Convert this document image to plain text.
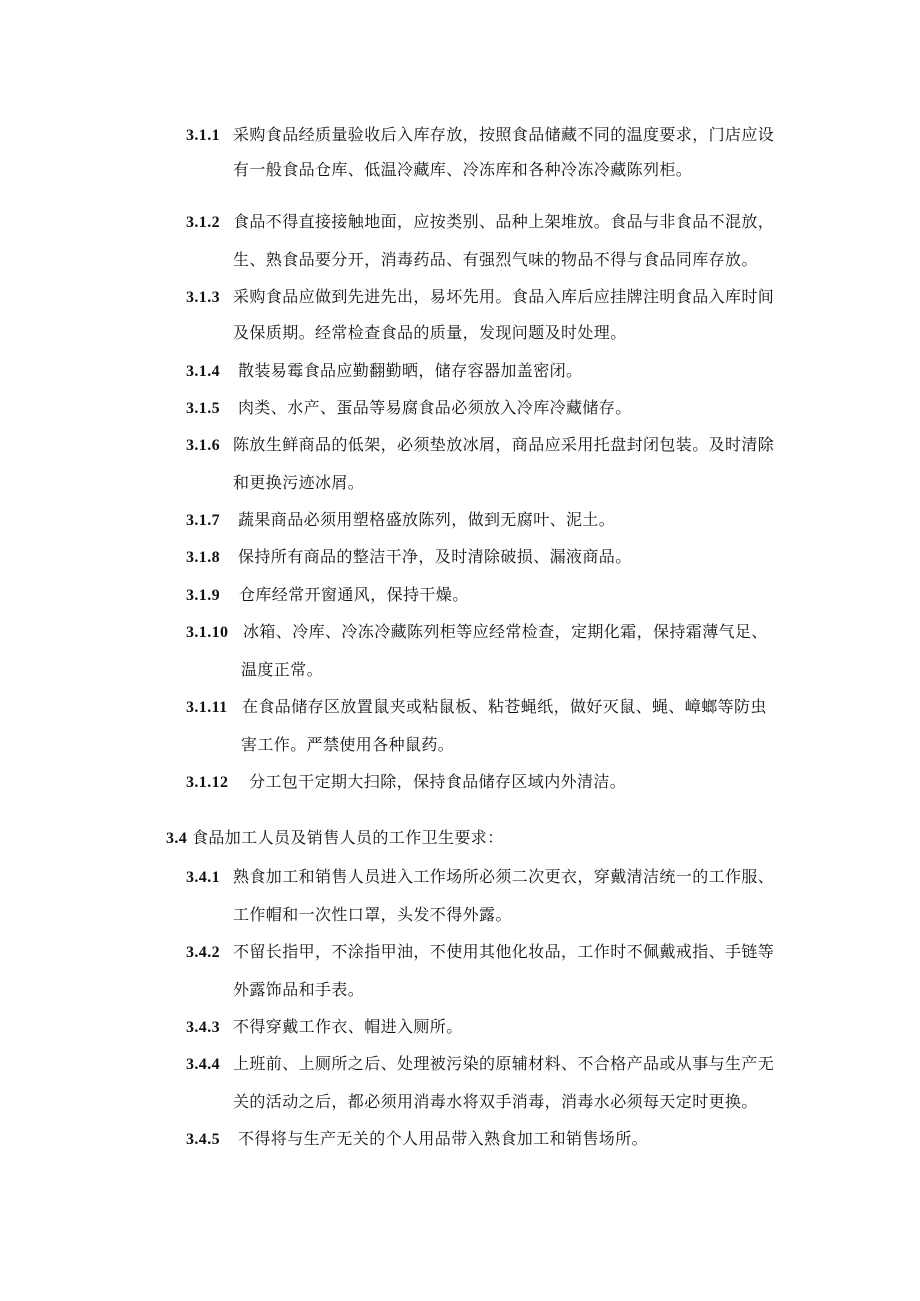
3.1.1 采购食品经质量验收后入库存放，按照食品储藏不同的温度要求，门店应设
有一般食品仓库、低温冷藏库、冷冻库和各种冷冻冷藏陈列柜。
3.1.2 食品不得直接接触地面，应按类别、品种上架堆放。食品与非食品不混放，
生、熟食品要分开，消毒药品、有强烈气味的物品不得与食品同库存放。
3.1.3 采购食品应做到先进先出，易坏先用。食品入库后应挂牌注明食品入库时间
及保质期。经常检查食品的质量，发现问题及时处理。
3.1.4 散装易霉食品应勤翻勤晒，储存容器加盖密闭。
3.1.5 肉类、水产、蛋品等易腐食品必须放入冷库冷藏储存。
3.1.6 陈放生鲜商品的低架，必须垫放冰屑，商品应采用托盘封闭包装。及时清除
和更换污迹冰屑。
3.1.7 蔬果商品必须用塑格盛放陈列，做到无腐叶、泥土。
3.1.8 保持所有商品的整洁干净，及时清除破损、漏液商品。
3.1.9 仓库经常开窗通风，保持干燥。
3.1.10 冰箱、冷库、冷冻冷藏陈列柜等应经常检查，定期化霜，保持霜薄气足、
温度正常。
3.1.11 在食品储存区放置鼠夹或粘鼠板、粘苍蝇纸，做好灭鼠、蝇、嶂螂等防虫
害工作。严禁使用各种鼠药。
3.1.12 分工包干定期大扫除，保持食品储存区域内外清洁。
3.4 食品加工人员及销售人员的工作卫生要求：
3.4.1 熟食加工和销售人员进入工作场所必须二次更衣，穿戴清洁统一的工作服、
工作帽和一次性口罩，头发不得外露。
3.4.2 不留长指甲，不涂指甲油，不使用其他化妆品，工作时不佩戴戒指、手链等
外露饰品和手表。
3.4.3 不得穿戴工作衣、帽进入厕所。
3.4.4 上班前、上厕所之后、处理被污染的原辅材料、不合格产品或从事与生产无
关的活动之后，都必须用消毒水将双手消毒，消毒水必须每天定时更换。
3.4.5 不得将与生产无关的个人用品带入熟食加工和销售场所。
